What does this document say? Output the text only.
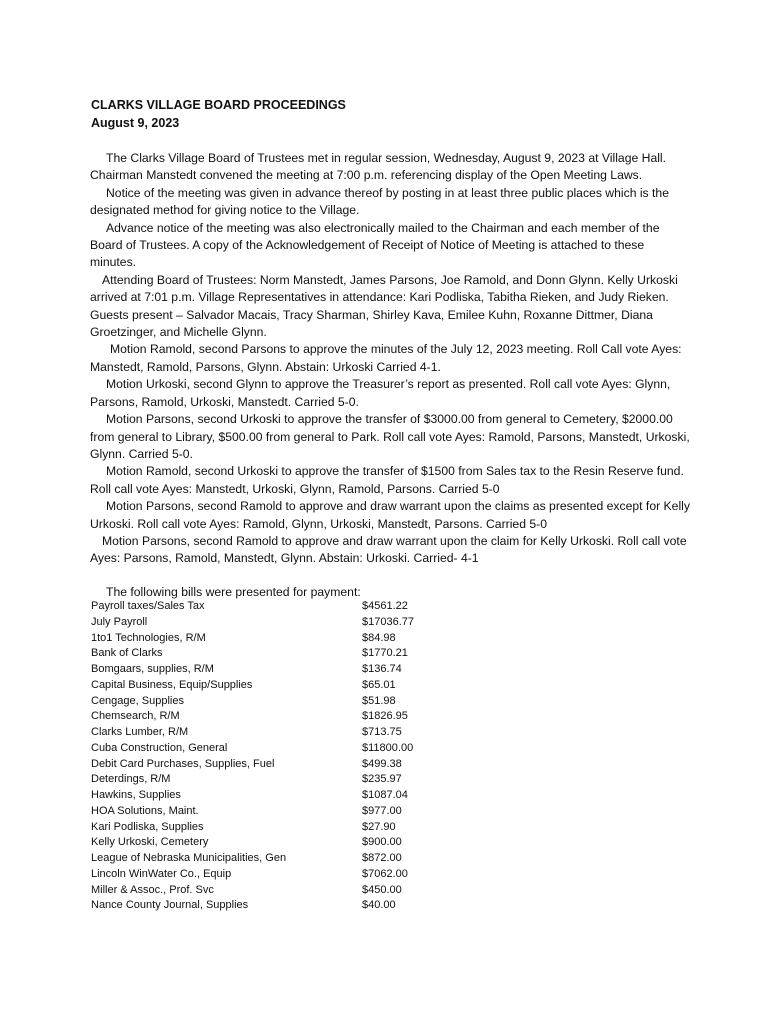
CLARKS VILLAGE BOARD PROCEEDINGS
August 9, 2023

The Clarks Village Board of Trustees met in regular session, Wednesday, August 9, 2023 at Village Hall. Chairman Manstedt convened the meeting at 7:00 p.m. referencing display of the Open Meeting Laws.

Notice of the meeting was given in advance thereof by posting in at least three public places which is the designated method for giving notice to the Village.

Advance notice of the meeting was also electronically mailed to the Chairman and each member of the Board of Trustees. A copy of the Acknowledgement of Receipt of Notice of Meeting is attached to these minutes.

Attending Board of Trustees: Norm Manstedt, James Parsons, Joe Ramold, and Donn Glynn. Kelly Urkoski arrived at 7:01 p.m. Village Representatives in attendance: Kari Podliska, Tabitha Rieken, and Judy Rieken. Guests present – Salvador Macais, Tracy Sharman, Shirley Kava, Emilee Kuhn, Roxanne Dittmer, Diana Groetzinger, and Michelle Glynn.

Motion Ramold, second Parsons to approve the minutes of the July 12, 2023 meeting. Roll Call vote Ayes: Manstedt, Ramold, Parsons, Glynn. Abstain: Urkoski Carried 4-1.

Motion Urkoski, second Glynn to approve the Treasurer’s report as presented. Roll call vote Ayes: Glynn, Parsons, Ramold, Urkoski, Manstedt. Carried 5-0.

Motion Parsons, second Urkoski to approve the transfer of $3000.00 from general to Cemetery, $2000.00 from general to Library, $500.00 from general to Park. Roll call vote Ayes: Ramold, Parsons, Manstedt, Urkoski, Glynn. Carried 5-0.

Motion Ramold, second Urkoski to approve the transfer of $1500 from Sales tax to the Resin Reserve fund. Roll call vote Ayes: Manstedt, Urkoski, Glynn, Ramold, Parsons. Carried 5-0

Motion Parsons, second Ramold to approve and draw warrant upon the claims as presented except for Kelly Urkoski. Roll call vote Ayes: Ramold, Glynn, Urkoski, Manstedt, Parsons. Carried 5-0

Motion Parsons, second Ramold to approve and draw warrant upon the claim for Kelly Urkoski. Roll call vote Ayes: Parsons, Ramold, Manstedt, Glynn. Abstain: Urkoski. Carried- 4-1

The following bills were presented for payment:
Payroll taxes/Sales Tax	$4561.22
July Payroll	$17036.77
1to1 Technologies, R/M	$84.98
Bank of Clarks	$1770.21
Bomgaars, supplies, R/M	$136.74
Capital Business, Equip/Supplies	$65.01
Cengage, Supplies	$51.98
Chemsearch, R/M	$1826.95
Clarks Lumber, R/M	$713.75
Cuba Construction, General	$11800.00
Debit Card Purchases, Supplies, Fuel	$499.38
Deterdings, R/M	$235.97
Hawkins, Supplies	$1087.04
HOA Solutions, Maint.	$977.00
Kari Podliska, Supplies	$27.90
Kelly Urkoski, Cemetery	$900.00
League of Nebraska Municipalities, Gen	$872.00
Lincoln WinWater Co., Equip	$7062.00
Miller & Assoc., Prof. Svc	$450.00
Nance County Journal, Supplies	$40.00
